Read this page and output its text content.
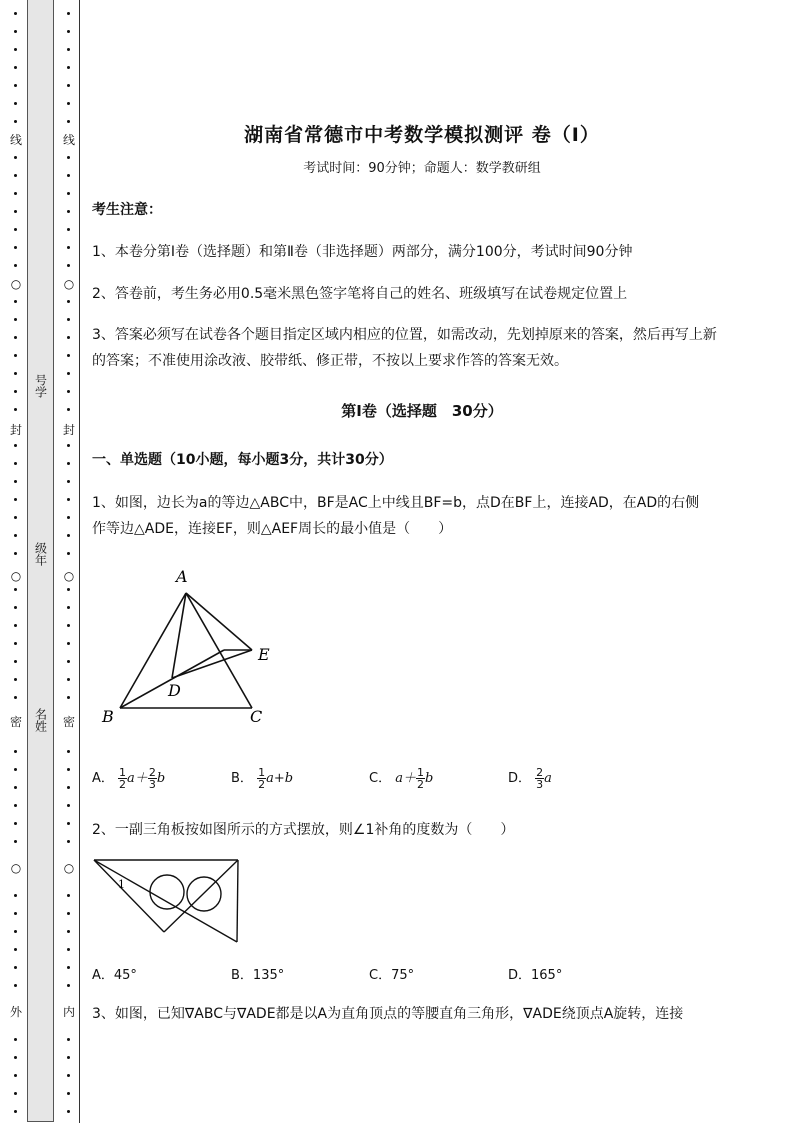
线
○
封
○
密
○
外
号学
级年
名姓
线
○
封
○
密
○
内
湖南省常德市中考数学模拟测评 卷（Ⅰ）
考试时间：90分钟；命题人：数学教研组
考生注意：
1、本卷分第Ⅰ卷（选择题）和第Ⅱ卷（非选择题）两部分，满分100分，考试时间90分钟
2、答卷前，考生务必用0.5毫米黑色签字笔将自己的姓名、班级填写在试卷规定位置上
3、答案必须写在试卷各个题目指定区域内相应的位置，如需改动，先划掉原来的答案，然后再写上新
的答案；不准使用涂改液、胶带纸、修正带，不按以上要求作答的答案无效。
第Ⅰ卷（选择题　30分）
一、单选题（10小题，每小题3分，共计30分）
1、如图，边长为a的等边△ABC中，BF是AC上中线且BF=b，点D在BF上，连接AD，在AD的右侧
作等边△ADE，连接EF，则△AEF周长的最小值是（　　）
A
B	C
D
E
A． $\frac{1}{2} a+ \frac{2}{3}$ b	B． $\frac{1}{2} a+b$	C． $a+ \frac{1}{2}$ b	D． $\frac{2}{3}$ a
2、一副三角板按如图所示的方式摆放，则∠1补角的度数为（　　）
1
A．45°	B．135°	C．75°	D．165°
3、如图，已知∇ABC与∇ADE都是以A为直角顶点的等腰直角三角形，∇ADE绕顶点A旋转，连接
